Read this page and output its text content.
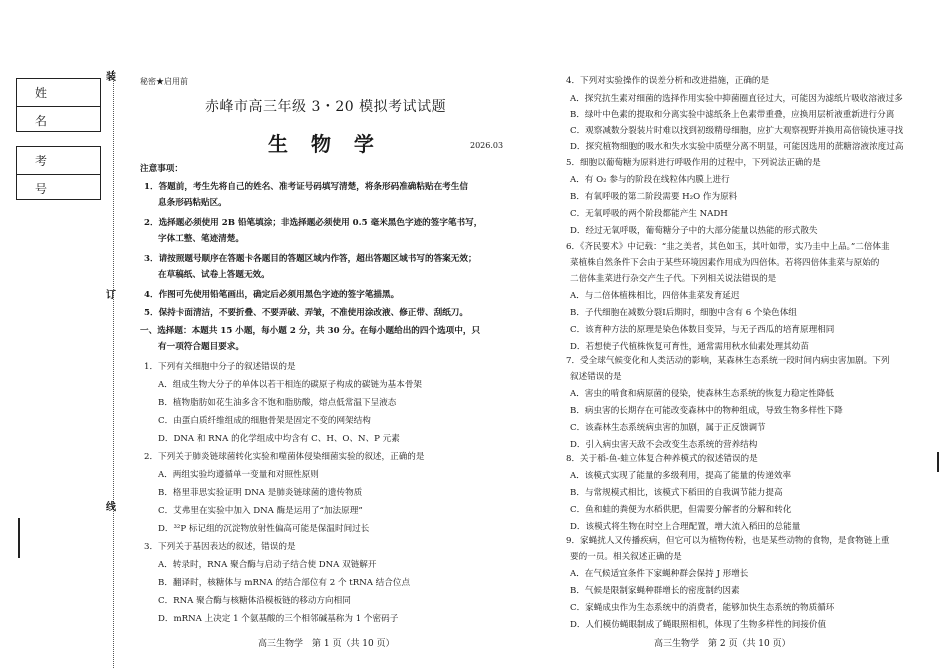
姓 名
考 号
装
订
线
秘密★启用前
赤峰市高三年级 3・20 模拟考试试题
生 物 学	2026.03
注意事项：
1．答题前，考生先将自己的姓名、准考证号码填写清楚，将条形码准确粘贴在考生信
息条形码粘贴区。
2．选择题必须使用 2B 铅笔填涂；非选择题必须使用 0.5 毫米黑色字迹的签字笔书写，
字体工整、笔迹清楚。
3．请按照题号顺序在答题卡各题目的答题区域内作答，超出答题区域书写的答案无效；
在草稿纸、试卷上答题无效。
4．作图可先使用铅笔画出，确定后必须用黑色字迹的签字笔描黑。
5．保持卡面清洁，不要折叠、不要弄破、弄皱，不准使用涂改液、修正带、刮纸刀。
一、选择题：本题共 15 小题，每小题 2 分，共 30 分。在每小题给出的四个选项中，只
有一项符合题目要求。
1．下列有关细胞中分子的叙述错误的是
A．组成生物大分子的单体以若干相连的碳原子构成的碳链为基本骨架
B．植物脂肪如花生油多含不饱和脂肪酸，熔点低常温下呈液态
C．由蛋白质纤维组成的细胞骨架是固定不变的网架结构
D．DNA 和 RNA 的化学组成中均含有 C、H、O、N、P 元素
2．下列关于肺炎链球菌转化实验和噬菌体侵染细菌实验的叙述，正确的是
A．两组实验均遵循单一变量和对照性原则
B．格里菲思实验证明 DNA 是肺炎链球菌的遗传物质
C．艾弗里在实验中加入 DNA 酶是运用了“加法原理”
D．³²P 标记组的沉淀物放射性偏高可能是保温时间过长
3．下列关于基因表达的叙述，错误的是
A．转录时，RNA 聚合酶与启动子结合使 DNA 双链解开
B．翻译时，核糖体与 mRNA 的结合部位有 2 个 tRNA 结合位点
C．RNA 聚合酶与核糖体沿模板链的移动方向相同
D．mRNA 上决定 1 个氨基酸的三个相邻碱基称为 1 个密码子
高三生物学　第 1 页（共 10 页）
4．下列对实验操作的误差分析和改进措施，正确的是
A．探究抗生素对细菌的选择作用实验中抑菌圈直径过大，可能因为滤纸片吸收溶液过多
B．绿叶中色素的提取和分离实验中滤纸条上色素带重叠，应换用层析液重新进行分离
C．观察减数分裂装片时难以找到初级精母细胞，应扩大观察视野并换用高倍镜快速寻找
D．探究植物细胞的吸水和失水实验中质壁分离不明显，可能因选用的蔗糖溶液浓度过高
5．细胞以葡萄糖为原料进行呼吸作用的过程中，下列说法正确的是
A．有 O₂ 参与的阶段在线粒体内膜上进行
B．有氧呼吸的第二阶段需要 H₂O 作为原料
C．无氧呼吸的两个阶段都能产生 NADH
D．经过无氧呼吸，葡萄糖分子中的大部分能量以热能的形式散失
6．《齐民要术》中记载：“韭之美者，其色如玉，其叶如带，实乃圭中上品。”二倍体韭
菜植株自然条件下会由于某些环境因素作用成为四倍体。若将四倍体韭菜与原始的
二倍体韭菜进行杂交产生子代。下列相关说法错误的是
A．与二倍体植株相比，四倍体韭菜发育延迟
B．子代细胞在减数分裂Ⅰ后期时，细胞中含有 6 个染色体组
C．该育种方法的原理是染色体数目变异，与无子西瓜的培育原理相同
D．若想使子代植株恢复可育性，通常需用秋水仙素处理其幼苗
7．受全球气候变化和人类活动的影响，某森林生态系统一段时间内病虫害加剧。下列
叙述错误的是
A．害虫的啃食和病原菌的侵染，使森林生态系统的恢复力稳定性降低
B．病虫害的长期存在可能改变森林中的物种组成，导致生物多样性下降
C．该森林生态系统病虫害的加剧，属于正反馈调节
D．引入病虫害天敌不会改变生态系统的营养结构
8．关于稻-鱼-蛙立体复合种养模式的叙述错误的是
A．该模式实现了能量的多级利用，提高了能量的传递效率
B．与常规模式相比，该模式下稻田的自我调节能力提高
C．鱼和蛙的粪便为水稻供肥，但需要分解者的分解和转化
D．该模式将生物在时空上合理配置，增大流入稻田的总能量
9．家蝇扰人又传播疾病，但它可以为植物传粉，也是某些动物的食物，是食物链上重
要的一员。相关叙述正确的是
A．在气候适宜条件下家蝇种群会保持 J 形增长
B．气候是限制家蝇种群增长的密度制约因素
C．家蝇成虫作为生态系统中的消费者，能够加快生态系统的物质循环
D．人们模仿蝇眼制成了蝇眼照相机，体现了生物多样性的间接价值
高三生物学　第 2 页（共 10 页）
